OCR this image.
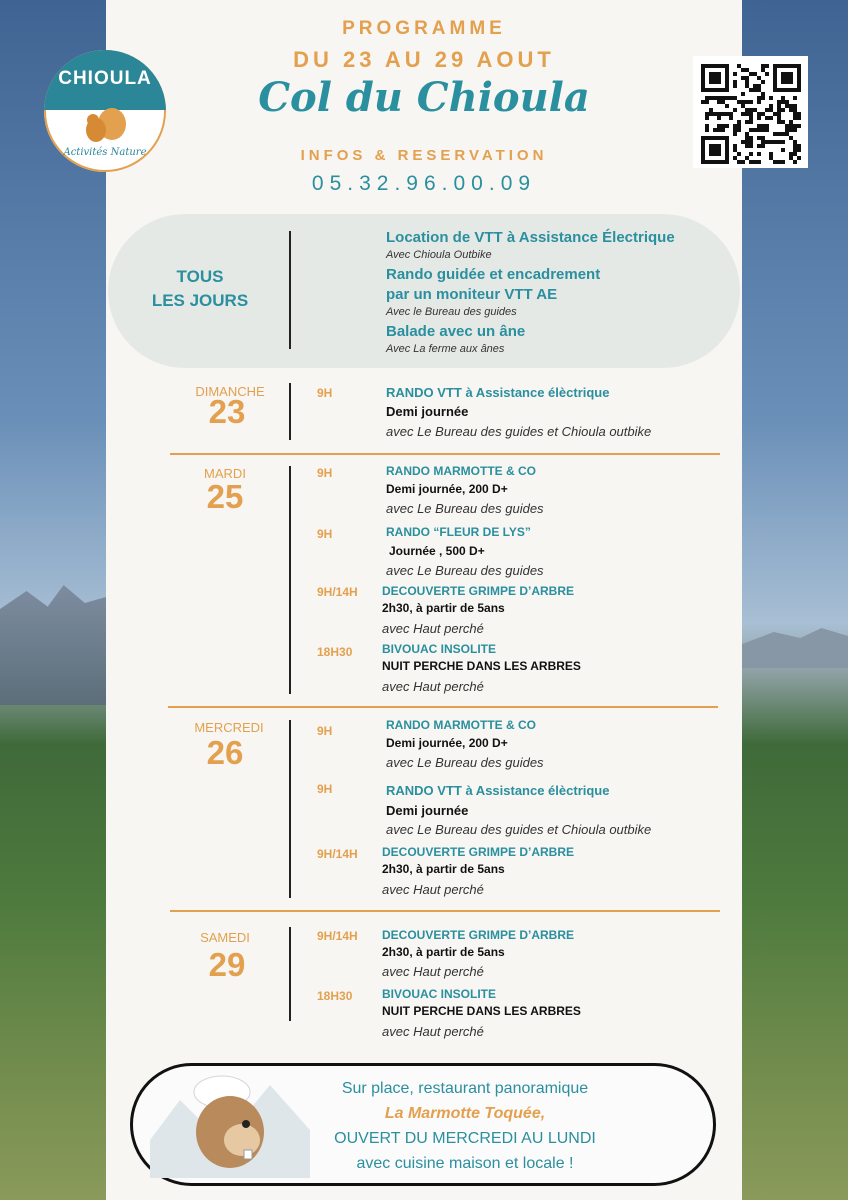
CHIOULA
Activités Nature
PROGRAMME
DU 23 AU 29 AOUT
Col du Chioula
INFOS & RESERVATION
05.32.96.00.09
TOUS
LES JOURS
Location de VTT à Assistance Électrique
Avec Chioula Outbike
Rando guidée et encadrement
par un moniteur VTT AE
Avec le Bureau des guides
Balade avec un âne
Avec La ferme aux ânes
DIMANCHE
23	9H	RANDO VTT à Assistance élèctrique
Demi journée
avec Le Bureau des guides et Chioula outbike
MARDI
25
9H	RANDO MARMOTTE & CO
Demi journée, 200 D+
avec Le Bureau des guides
9H	RANDO “FLEUR DE LYS”
Journée , 500 D+
avec Le Bureau des guides
9H/14H DECOUVERTE GRIMPE D’ARBRE
2h30, à partir de 5ans
avec Haut perché
18H30 BIVOUAC INSOLITE
NUIT PERCHE DANS LES ARBRES
avec Haut perché
MERCREDI
26
9H	RANDO MARMOTTE & CO
Demi journée, 200 D+
avec Le Bureau des guides
9H	RANDO VTT à Assistance élèctrique
Demi journée
avec Le Bureau des guides et Chioula outbike
9H/14H DECOUVERTE GRIMPE D’ARBRE
2h30, à partir de 5ans
avec Haut perché
SAMEDI
29
9H/14H DECOUVERTE GRIMPE D’ARBRE
2h30, à partir de 5ans
avec Haut perché
18H30 BIVOUAC INSOLITE
NUIT PERCHE DANS LES ARBRES
avec Haut perché
Sur place, restaurant panoramique
La Marmotte Toquée,
OUVERT DU MERCREDI AU LUNDI
avec cuisine maison et locale !
